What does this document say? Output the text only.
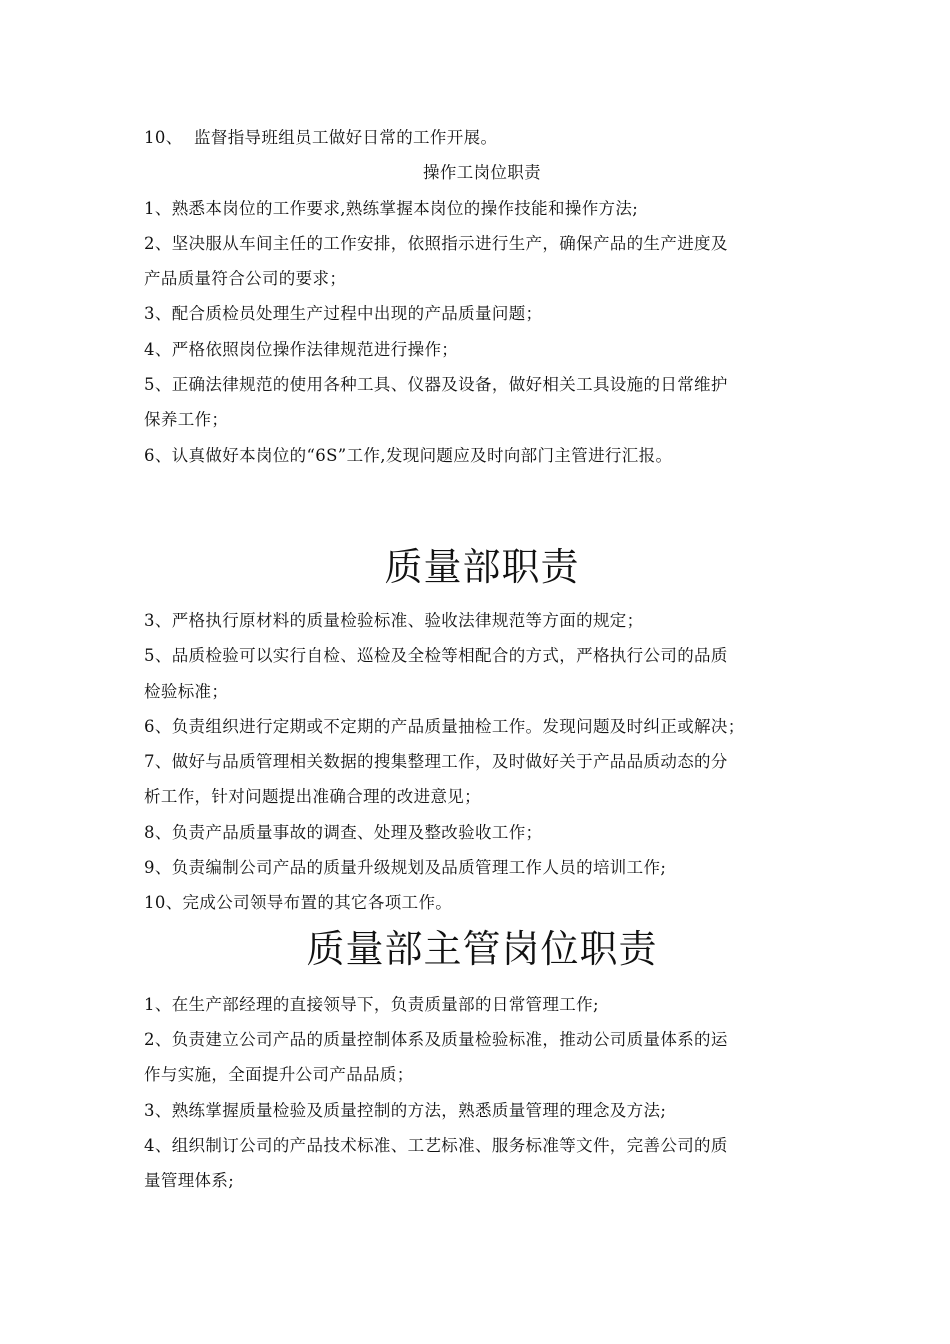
10、 监督指导班组员工做好日常的工作开展。
操作工岗位职责
1、熟悉本岗位的工作要求,熟练掌握本岗位的操作技能和操作方法;
2、坚决服从车间主任的工作安排，依照指示进行生产，确保产品的生产进度及
产品质量符合公司的要求；
3、配合质检员处理生产过程中出现的产品质量问题；
4、严格依照岗位操作法律规范进行操作；
5、正确法律规范的使用各种工具、仪器及设备，做好相关工具设施的日常维护
保养工作；
6、认真做好本岗位的“6S”工作,发现问题应及时向部门主管进行汇报。
质量部职责
3、严格执行原材料的质量检验标准、验收法律规范等方面的规定；
5、品质检验可以实行自检、巡检及全检等相配合的方式，严格执行公司的品质
检验标准；
6、负责组织进行定期或不定期的产品质量抽检工作。发现问题及时纠正或解决；
7、做好与品质管理相关数据的搜集整理工作，及时做好关于产品品质动态的分
析工作，针对问题提出准确合理的改进意见；
8、负责产品质量事故的调查、处理及整改验收工作；
9、负责编制公司产品的质量升级规划及品质管理工作人员的培训工作;
10、完成公司领导布置的其它各项工作。
质量部主管岗位职责
1、在生产部经理的直接领导下，负责质量部的日常管理工作;
2、负责建立公司产品的质量控制体系及质量检验标准，推动公司质量体系的运
作与实施，全面提升公司产品品质；
3、熟练掌握质量检验及质量控制的方法，熟悉质量管理的理念及方法;
4、组织制订公司的产品技术标准、工艺标准、服务标准等文件，完善公司的质
量管理体系;
